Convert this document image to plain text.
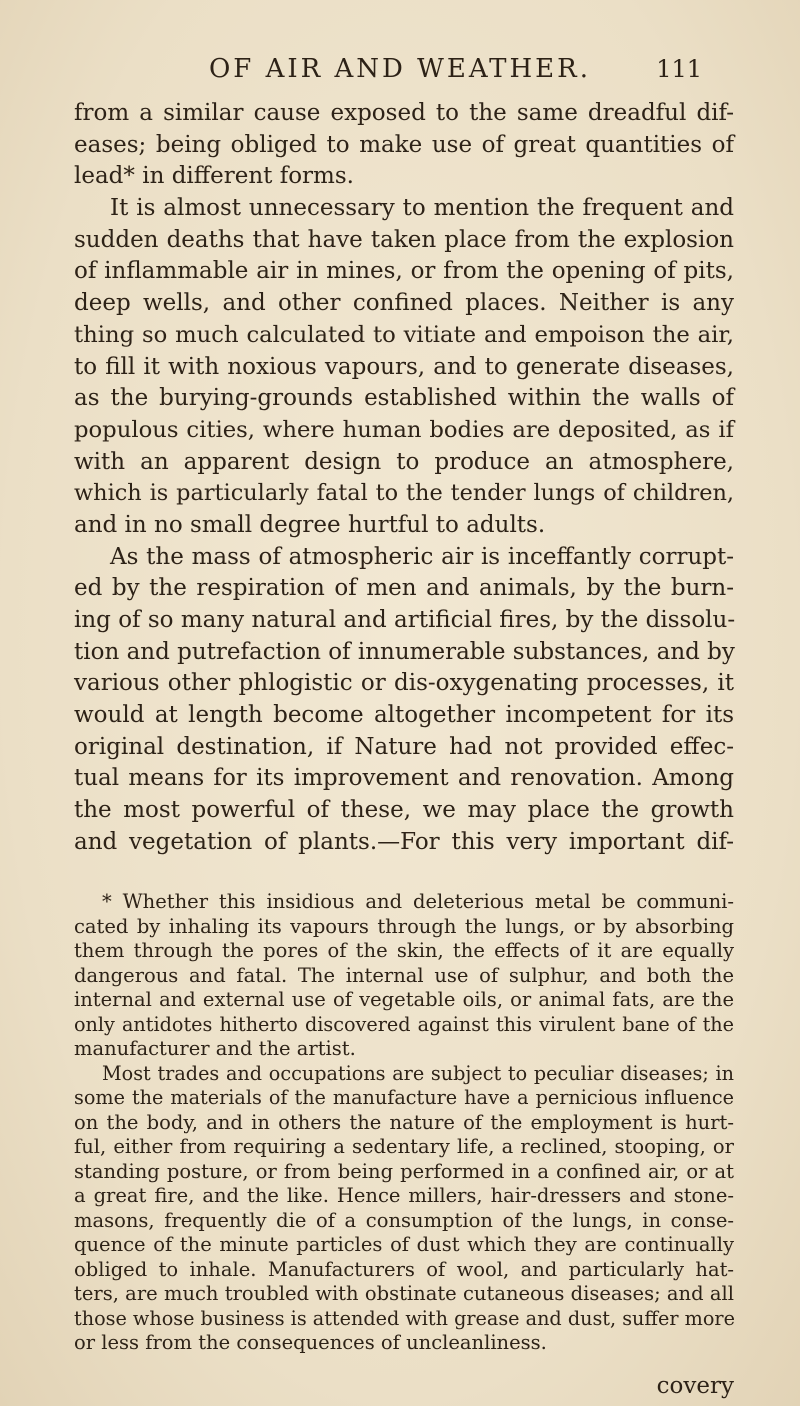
OF AIR AND WEATHER.	111
from a similar cause exposed to the same dreadful dif-
eases; being obliged to make use of great quantities of
lead* in different forms.
It is almost unnecessary to mention the frequent and
sudden deaths that have taken place from the explosion
of inflammable air in mines, or from the opening of pits,
deep wells, and other confined places. Neither is any
thing so much calculated to vitiate and empoison the air,
to fill it with noxious vapours, and to generate diseases,
as the burying-grounds established within the walls of
populous cities, where human bodies are deposited, as if
with an apparent design to produce an atmosphere,
which is particularly fatal to the tender lungs of children,
and in no small degree hurtful to adults.
As the mass of atmospheric air is inceffantly corrupt-
ed by the respiration of men and animals, by the burn-
ing of so many natural and artificial fires, by the dissolu-
tion and putrefaction of innumerable substances, and by
various other phlogistic or dis-oxygenating processes, it
would at length become altogether incompetent for its
original destination, if Nature had not provided effec-
tual means for its improvement and renovation. Among
the most powerful of these, we may place the growth
and vegetation of plants.—For this very important dif-
* Whether this insidious and deleterious metal be communi-
cated by inhaling its vapours through the lungs, or by absorbing
them through the pores of the skin, the effects of it are equally
dangerous and fatal. The internal use of sulphur, and both the
internal and external use of vegetable oils, or animal fats, are the
only antidotes hitherto discovered against this virulent bane of the
manufacturer and the artist.
Most trades and occupations are subject to peculiar diseases; in
some the materials of the manufacture have a pernicious influence
on the body, and in others the nature of the employment is hurt-
ful, either from requiring a sedentary life, a reclined, stooping, or
standing posture, or from being performed in a confined air, or at
a great fire, and the like. Hence millers, hair-dressers and stone-
masons, frequently die of a consumption of the lungs, in conse-
quence of the minute particles of dust which they are continually
obliged to inhale. Manufacturers of wool, and particularly hat-
ters, are much troubled with obstinate cutaneous diseases; and all
those whose business is attended with grease and dust, suffer more
or less from the consequences of uncleanliness.
covery
